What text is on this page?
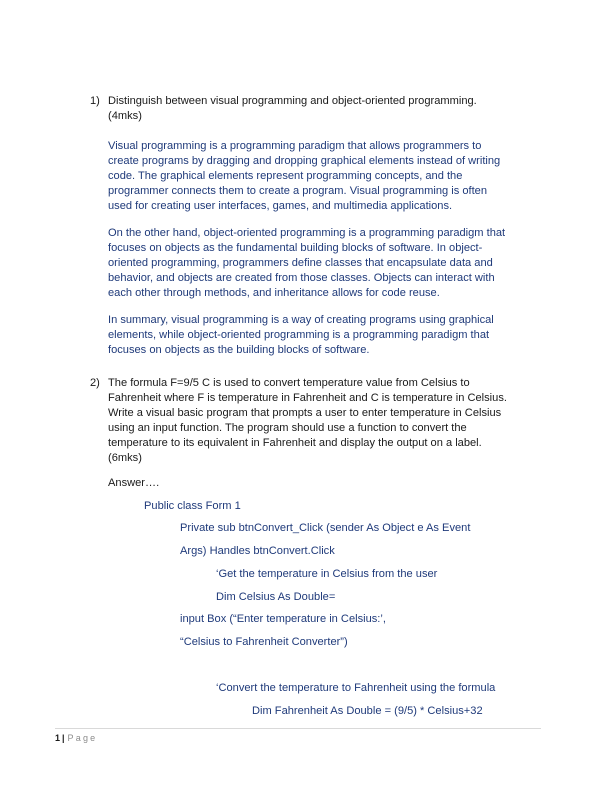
1) Distinguish between visual programming and object-oriented programming.
(4mks)
Visual programming is a programming paradigm that allows programmers to
create programs by dragging and dropping graphical elements instead of writing
code. The graphical elements represent programming concepts, and the
programmer connects them to create a program. Visual programming is often
used for creating user interfaces, games, and multimedia applications.
On the other hand, object-oriented programming is a programming paradigm that
focuses on objects as the fundamental building blocks of software. In object-
oriented programming, programmers define classes that encapsulate data and
behavior, and objects are created from those classes. Objects can interact with
each other through methods, and inheritance allows for code reuse.
In summary, visual programming is a way of creating programs using graphical
elements, while object-oriented programming is a programming paradigm that
focuses on objects as the building blocks of software.
2) The formula F=9/5 C is used to convert temperature value from Celsius to
Fahrenheit where F is temperature in Fahrenheit and C is temperature in Celsius.
Write a visual basic program that prompts a user to enter temperature in Celsius
using an input function. The program should use a function to convert the
temperature to its equivalent in Fahrenheit and display the output on a label.
(6mks)
Answer….
Public class Form 1
Private sub btnConvert_Click (sender As Object e As Event
Args) Handles btnConvert.Click
‘Get the temperature in Celsius from the user
Dim Celsius As Double=
input Box (“Enter temperature in Celsius:’,
“Celsius to Fahrenheit Converter”)
‘Convert the temperature to Fahrenheit using the formula
Dim Fahrenheit As Double = (9/5) * Celsius+32
1 | Page
